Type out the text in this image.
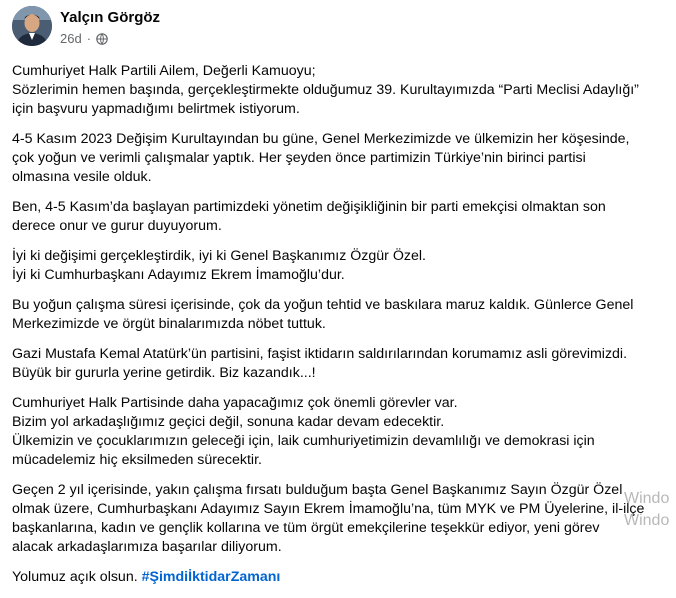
Yalçın Görgöz
26d ·
Cumhuriyet Halk Partili Ailem, Değerli Kamuoyu;
Sözlerimin hemen başında, gerçekleştirmekte olduğumuz 39. Kurultayımızda “Parti Meclisi Adaylığı”
için başvuru yapmadığımı belirtmek istiyorum.
4-5 Kasım 2023 Değişim Kurultayından bu güne, Genel Merkezimizde ve ülkemizin her köşesinde,
çok yoğun ve verimli çalışmalar yaptık. Her şeyden önce partimizin Türkiye’nin birinci partisi
olmasına vesile olduk.
Ben, 4-5 Kasım’da başlayan partimizdeki yönetim değişikliğinin bir parti emekçisi olmaktan son
derece onur ve gurur duyuyorum.
İyi ki değişimi gerçekleştirdik, iyi ki Genel Başkanımız Özgür Özel.
İyi ki Cumhurbaşkanı Adayımız Ekrem İmamoğlu’dur.
Bu yoğun çalışma süresi içerisinde, çok da yoğun tehtid ve baskılara maruz kaldık. Günlerce Genel
Merkezimizde ve örgüt binalarımızda nöbet tuttuk.
Gazi Mustafa Kemal Atatürk’ün partisini, faşist iktidarın saldırılarından korumamız asli görevimizdi.
Büyük bir gururla yerine getirdik. Biz kazandık...!
Cumhuriyet Halk Partisinde daha yapacağımız çok önemli görevler var.
Bizim yol arkadaşlığımız geçici değil, sonuna kadar devam edecektir.
Ülkemizin ve çocuklarımızın geleceği için, laik cumhuriyetimizin devamlılığı ve demokrasi için
mücadelemiz hiç eksilmeden sürecektir.
Geçen 2 yıl içerisinde, yakın çalışma fırsatı bulduğum başta Genel Başkanımız Sayın Özgür Özel
olmak üzere, Cumhurbaşkanı Adayımız Sayın Ekrem İmamoğlu’na, tüm MYK ve PM Üyelerine, il-ilçe
başkanlarına, kadın ve gençlik kollarına ve tüm örgüt emekçilerine teşekkür ediyor, yeni görev
alacak arkadaşlarımıza başarılar diliyorum.
Yolumuz açık olsun. #ŞimdiİktidarZamanı
Windo
Windo
